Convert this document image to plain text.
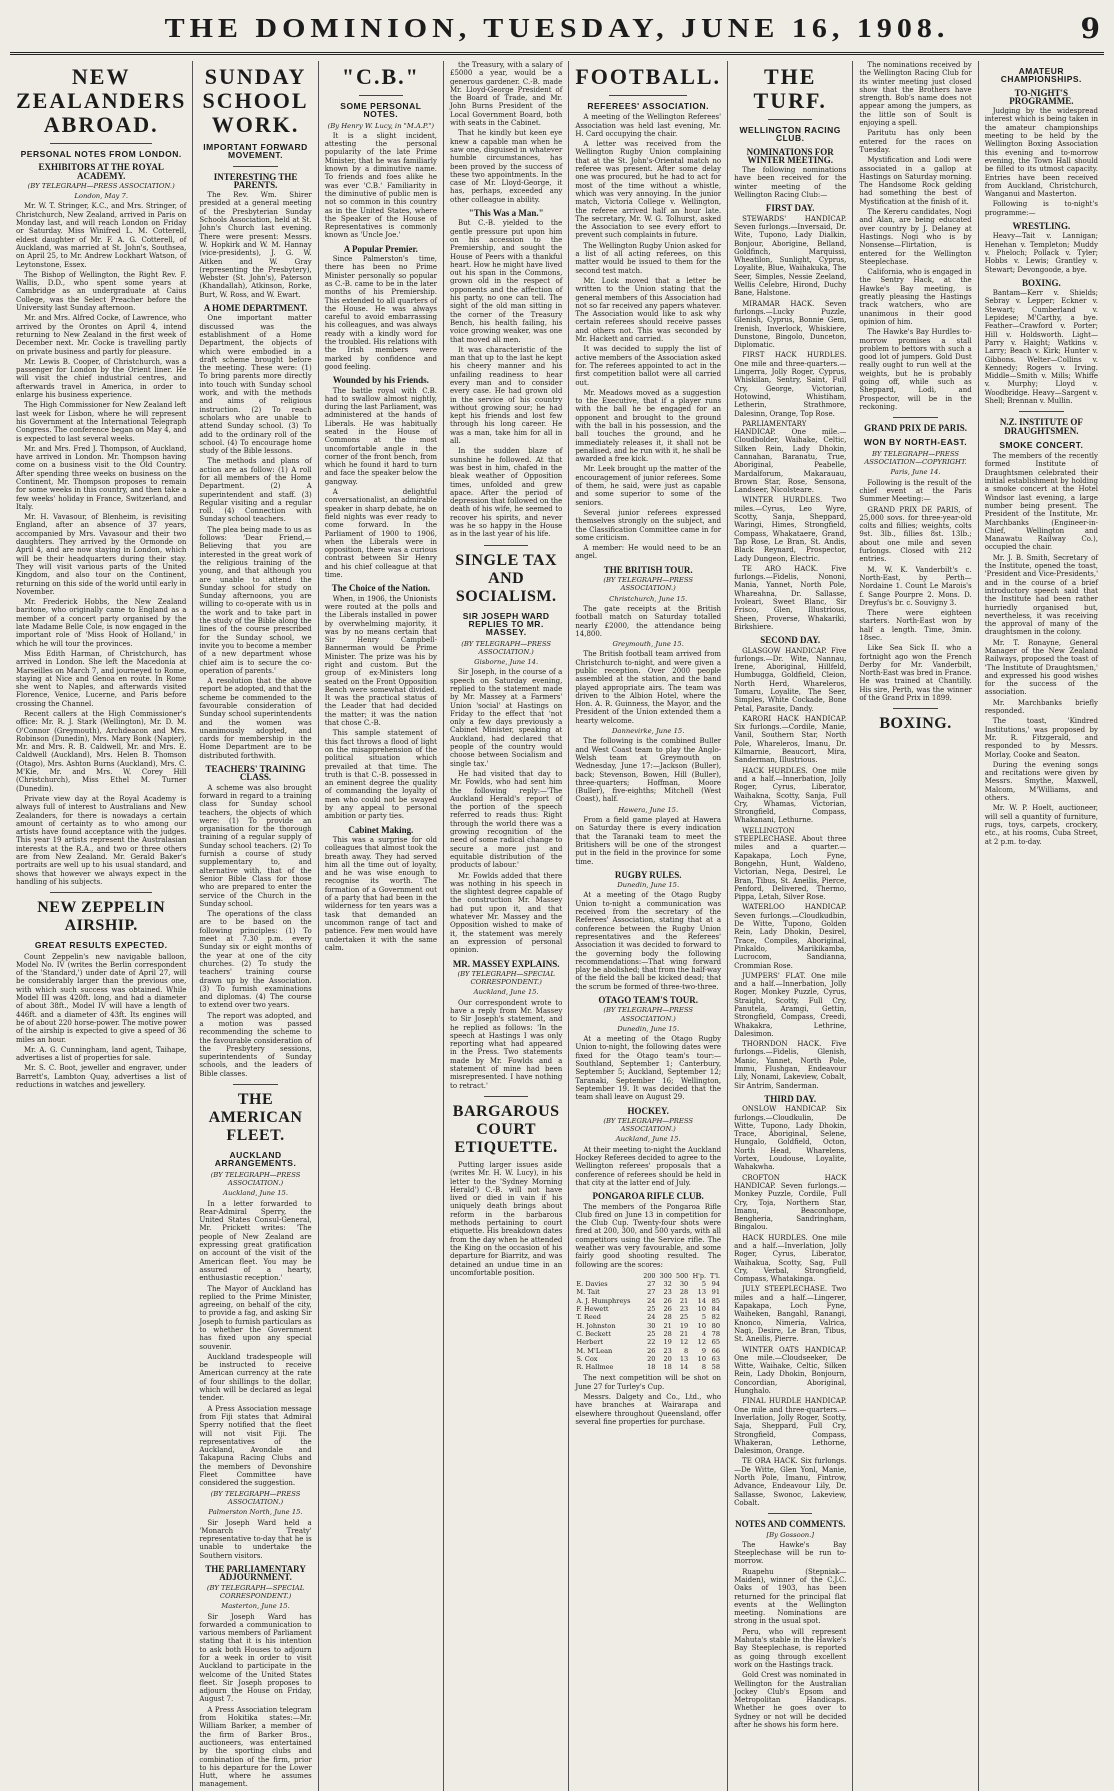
THE DOMINION, TUESDAY, JUNE 16, 1908.	9
NEW ZEALANDERS ABROAD.
PERSONAL NOTES FROM LONDON.
EXHIBITORS AT THE ROYAL ACADEMY.
(BY TELEGRAPH—PRESS ASSOCIATION.)
London, May 7.

Mr. W. T. Stringer, K.C., and Mrs. Stringer, of Christchurch, New Zealand, arrived in Paris on Monday last, and will reach London on Friday or Saturday. Miss Winifred L. M. Cotterell, eldest daughter of Mr. F. A. G. Cotterell, of Auckland, was married at St. John's, Southsea, on April 25, to Mr. Andrew Lockhart Watson, of Leytonstone, Essex.

The Bishop of Wellington, the Right Rev. F. Wallis, D.D., who spent some years at Cambridge as an undergraduate at Caius College, was the Select Preacher before the University last Sunday afternoon.

Mr. and Mrs. Alfred Cocke, of Lawrence, who arrived by the Orontes on April 4, intend returning to New Zealand in the first week of December next. Mr. Cocke is travelling partly on private business and partly for pleasure.

Mr. Lewis B. Cooper, of Christchurch, was a passenger for London by the Orient liner. He will visit the chief industrial centres, and afterwards travel in America, in order to enlarge his business experience.

The High Commissioner for New Zealand left last week for Lisbon, where he will represent his Government at the International Telegraph Congress. The conference began on May 4, and is expected to last several weeks.

Mr. and Mrs. Fred J. Thompson, of Auckland, have arrived in London. Mr. Thompson having come on a business visit to the Old Country. After spending three weeks on business on the Continent, Mr. Thompson proposes to remain for some weeks in this country, and then take a few weeks' holiday in France, Switzerland, and Italy.

Mr. H. Vavasour, of Blenheim, is revisiting England, after an absence of 37 years, accompanied by Mrs. Vavasour and their two daughters. They arrived by the Ormonde on April 4, and are now staying in London, which will be their headquarters during their stay. They will visit various parts of the United Kingdom, and also tour on the Continent, returning on this side of the world until early in November.

Mr. Frederick Hobbs, the New Zealand baritone, who originally came to England as a member of a concert party organised by the late Madame Belle Cole, is now engaged in the important role of 'Miss Hook of Holland,' in which he will tour the provinces.

Miss Edith Harman, of Christchurch, has arrived in London. She left the Macedonia at Marseilles on March 7, and journeyed to Rome, staying at Nice and Genoa en route. In Rome she went to Naples, and afterwards visited Florence, Venice, Lucerne, and Paris before crossing the Channel.

Recent callers at the High Commissioner's office: Mr. R. J. Stark (Wellington), Mr. D. M. O'Connor (Greymouth), Archdeacon and Mrs. Robinson (Dunedin), Mrs. Mary Bonk (Napier), Mr. and Mrs. R. B. Caldwell, Mr. and Mrs. E. Caldwell (Auckland), Mrs. Helen B. Thomson (Otago), Mrs. Ashton Burns (Auckland), Mrs. C. M'Kie, Mr. and Mrs. W. Corey Hill (Christchurch), Miss Ethel M. Turner (Dunedin).

Private view day at the Royal Academy is always full of interest to Australians and New Zealanders, for there is nowadays a certain amount of certainty as to who among our artists have found acceptance with the judges. This year 19 artists represent the Australasian interests at the R.A., and two or three others are from New Zealand. Mr. Gerald Baker's portraits are well up to his usual standard, and shows that however we always expect in the handling of his subjects.

NEW ZEPPELIN AIRSHIP.
GREAT RESULTS EXPECTED.

Count Zeppelin's new navigable balloon, Model No. IV (writes the Berlin correspondent of the 'Standard,') under date of April 27, will be considerably larger than the previous one, with which such success was obtained. While Model III was 420ft. long, and had a diameter of about 38ft., Model IV will have a length of 446ft. and a diameter of 43ft. Its engines will be of about 220 horse-power. The motive power of the airship is expected to give a speed of 36 miles an hour.

Mr. A. G. Cunningham, land agent, Taihape, advertises a list of properties for sale.

Mr. S. C. Boot, jeweller and engraver, under Barrett's, Lambton Quay, advertises a list of reductions in watches and jewellery.

SUNDAY SCHOOL WORK.
IMPORTANT FORWARD MOVEMENT.
INTERESTING THE PARENTS.

The Rev. Wm. Shirer presided at a general meeting of the Presbyterian Sunday Schools Association, held at St. John's Church last evening. There were present: Messrs. W. Hopkirk and W. M. Hannay (vice-presidents), J. G. W. Aitken and W. Gray (representing the Presbytery), Webster (St. John's), Paterson (Khandallah), Atkinson, Rorke, Burt, W. Ross, and W. Ewart.

A HOME DEPARTMENT.

One important matter discussed was the establishment of a Home Department, the objects of which were embodied in a draft scheme brought before the meeting. These were: (1) To bring parents more directly into touch with Sunday school work, and with the methods and aims of religious instruction. (2) To reach scholars who are unable to attend Sunday school. (3) To add to the ordinary roll of the school. (4) To encourage home study of the Bible lessons.

The methods and plans of action are as follow: (1) A roll for all members of the Home Department. (2) A superintendent and staff. (3) Regular visiting and a regular roll. (4) Connection with Sunday school teachers.

The plea being made to us as follows: 'Dear Friend,—Believing that you are interested in the great work of the religious training of the young, and that although you are unable to attend the Sunday school for study on Sunday afternoons, you are willing to co-operate with us in the work and to take part in the study of the Bible along the lines of the course prescribed for the Sunday school, we invite you to become a member of a new department whose chief aim is to secure the co-operation of parents.'

A resolution that the above report be adopted, and that the scheme be commended to the favourable consideration of Sunday school superintendents and the women was unanimously adopted, and cards for membership in the Home Department are to be distributed forthwith.

TEACHERS' TRAINING CLASS.

A scheme was also brought forward in regard to a training class for Sunday school teachers, the objects of which were: (1) To provide an organisation for the thorough training of a regular supply of Sunday school teachers. (2) To furnish a course of study supplementary to, and alternative with, that of the Senior Bible Class for those who are prepared to enter the service of the Church in the Sunday school.

The operations of the class are to be based on the following principles: (1) To meet at 7.30 p.m. every Sunday six or eight months of the year at one of the city churches. (2) To study the teachers' training course drawn up by the Association. (3) To furnish examinations and diplomas. (4) The course to extend over two years.

The report was adopted, and a motion was passed recommending the scheme to the favourable consideration of the Presbytery sessions, superintendents of Sunday schools, and the leaders of Bible classes.

THE AMERICAN FLEET.
AUCKLAND ARRANGEMENTS.
(BY TELEGRAPH—PRESS ASSOCIATION.)
Auckland, June 15.

In a letter forwarded to Rear-Admiral Sperry, the United States Consul-General, Mr. Prickett writes: 'The people of New Zealand are expressing great gratification on account of the visit of the American fleet. You may be assured of a hearty, enthusiastic reception.'

The Mayor of Auckland has replied to the Prime Minister, agreeing, on behalf of the city, to provide a fag, and asking Sir Joseph to furnish particulars as to whether the Government has fixed upon any special souvenir.

Auckland tradespeople will be instructed to receive American currency at the rate of four shillings to the dollar, which will be declared as legal tender.

A Press Association message from Fiji states that Admiral Sperry notified that the fleet will not visit Fiji. The representatives of the Auckland, Avondale and Takapuna Racing Clubs and the members of Devonshire Fleet Committee have considered the suggestion.

(BY TELEGRAPH—PRESS ASSOCIATION.)
Palmerston North, June 15.

Sir Joseph Ward held a 'Monarch Treaty' representative to-day that he is unable to undertake the Southern visitors.

THE PARLIAMENTARY ADJOURNMENT.
(BY TELEGRAPH—SPECIAL CORRESPONDENT.)
Masterton, June 15.

Sir Joseph Ward has forwarded a communication to various members of Parliament stating that it is his intention to ask both Houses to adjourn for a week in order to visit Auckland to participate in the welcome of the United States fleet. Sir Joseph proposes to adjourn the House on Friday, August 7.

A Press Association telegram from Hokitika states:—Mr. William Barker, a member of the firm of Barker Bros., auctioneers, was entertained by the sporting clubs and combination of the firm, prior to his departure for the Lower Hutt, where he assumes management.

"C.B."
SOME PERSONAL NOTES.
(By Henry W. Lucy, in "M.A.P.")

It is a slight incident, attesting the personal popularity of the late Prime Minister, that he was familiarly known by a diminutive name. To friends and foes alike he was ever 'C.B.' Familiarity in the diminutive of public men is not so common in this country as in the United States, where the Speaker of the House of Representatives is commonly known as 'Uncle Joe.'

A Popular Premier.

Since Palmerston's time, there has been no Prime Minister personally so popular as C.-B. came to be in the later months of his Premiership. This extended to all quarters of the House. He was always careful to avoid embarrassing his colleagues, and was always ready with a kindly word for the troubled. His relations with the Irish members were marked by confidence and good feeling.

Wounded by his Friends.

The battle royal with C.B. had to swallow almost nightly, during the last Parliament, was administered at the hands of Liberals. He was habitually seated in the House of Commons at the most uncomfortable angle in the corner of the front bench, from which he found it hard to turn and face the speaker below the gangway.

A delightful conversationalist, an admirable speaker in sharp debate, he on field nights was ever ready to come forward. In the Parliament of 1900 to 1906, when the Liberals were in opposition, there was a curious contrast between Sir Henry and his chief colleague at that time.

The Choice of the Nation.

When, in 1906, the Unionists were routed at the polls and the Liberals installed in power by overwhelming majority, it was by no means certain that Sir Henry Campbell-Bannerman would be Prime Minister. The prize was his by right and custom. But the group of ex-Ministers long seated on the Front Opposition Bench were somewhat divided. It was the practical status of the Leader that had decided the matter; it was the nation that chose C.-B.

This sample statement of this fact throws a flood of light on the misapprehension of the political situation which prevailed at that time. The truth is that C.-B. possessed in an eminent degree the quality of commanding the loyalty of men who could not be swayed by any appeal to personal ambition or party ties.

Cabinet Making.

This was a surprise for old colleagues that almost took the breath away. They had served him all the time out of loyalty, and he was wise enough to recognise its worth. The formation of a Government out of a party that had been in the wilderness for ten years was a task that demanded an uncommon range of tact and patience. Few men would have undertaken it with the same calm.

the Treasury, with a salary of £5000 a year, would be a generous gardener. C.-B. made Mr. Lloyd-George President of the Board of Trade, and Mr. John Burns President of the Local Government Board, both with seats in the Cabinet.

That he kindly but keen eye knew a capable man when he saw one, disguised in whatever humble circumstances, has been proved by the success of these two appointments. In the case of Mr. Lloyd-George, it has, perhaps, exceeded any other colleague in ability.

"This Was a Man."

But C.-B. yielded to the gentle pressure put upon him on his accession to the Premiership, and sought the House of Peers with a thankful heart. How he might have lived out his span in the Commons, grown old in the respect of opponents and the affection of his party, no one can tell. The sight of the old man sitting in the corner of the Treasury Bench, his health failing, his voice growing weaker, was one that moved all men.

It was characteristic of the man that up to the last he kept his cheery manner and his unfailing readiness to hear every man and to consider every case. He had grown old in the service of his country without growing sour; he had kept his friends and lost few through his long career. He was a man, take him for all in all.

In the sudden blaze of sunshine he followed. At that was best in him, chafed in the bleak weather of Opposition times, unfolded and grew apace. After the period of depression that followed on the death of his wife, he seemed to recover his spirits, and never was he so happy in the House as in the last year of his life.

SINGLE TAX AND SOCIALISM.
SIR JOSEPH WARD REPLIES TO MR. MASSEY.
(BY TELEGRAPH—PRESS ASSOCIATION.)
Gisborne, June 14.

Sir Joseph, in the course of a speech on Saturday evening, replied to the statement made by Mr. Massey at a Farmers' Union 'social' at Hastings on Friday to the effect that 'not only a few days previously a Cabinet Minister, speaking at Auckland, had declared that people of the country would choose between Socialism and single tax.'

He had visited that day to Mr. Fowlds, who had sent him the following reply:—'The Auckland Herald's report of the portion of the speech referred to reads thus: Right through the world there was a growing recognition of the need of some radical change to secure a more just and equitable distribution of the products of labour.'

Mr. Fowlds added that there was nothing in his speech in the slightest degree capable of the construction Mr. Massey had put upon it, and that whatever Mr. Massey and the Opposition wished to make of it, the statement was merely an expression of personal opinion.

MR. MASSEY EXPLAINS.
(BY TELEGRAPH—SPECIAL CORRESPONDENT.)
Auckland, June 15.

Our correspondent wrote to have a reply from Mr. Massey to Sir Joseph's statement, and he replied as follows: 'In the speech at Hastings I was only reporting what had appeared in the Press. Two statements made by Mr. Fowlds and a statement of mine had been misrepresented. I have nothing to retract.'

BARGAROUS COURT ETIQUETTE.

Putting larger issues aside (writes Mr. H. W. Lucy), in his letter to the 'Sydney Morning Herald') C.-B. will not have lived or died in vain if his uniquely death brings about reform in the barbarous methods pertaining to court etiquette. His breakdown dates from the day when he attended the King on the occasion of his departure for Biarritz, and was detained an undue time in an uncomfortable position.

FOOTBALL.
REFEREES' ASSOCIATION.

A meeting of the Wellington Referees' Association was held last evening, Mr. H. Card occupying the chair.

A letter was received from the Wellington Rugby Union complaining that at the St. John's-Oriental match no referee was present. After some delay one was procured, but he had to act for most of the time without a whistle, which was very annoying. In the junior match, Victoria College v. Wellington, the referee arrived half an hour late. The secretary, Mr. W. G. Tolhurst, asked the Association to see every effort to prevent such complaints in future.

The Wellington Rugby Union asked for a list of all acting referees, on this matter would be issued to them for the second test match.

Mr. Lock moved that a letter be written to the Union stating that the general members of this Association had not so far received any papers whatever. The Association would like to ask why certain referees should receive passes and others not. This was seconded by Mr. Hackett and carried.

It was decided to supply the list of active members of the Association asked for. The referees appointed to act in the first competition ballot were all carried out.

Mr. Meadows moved as a suggestion to the Executive, that if a player runs with the ball he be engaged for an opponent and brought to the ground with the ball in his possession, and the ball touches the ground, and he immediately releases it, it shall not be penalised, and he run with it, he shall be awarded a free kick.

Mr. Leek brought up the matter of the encouragement of junior referees. Some of them, he said, were just as capable and some superior to some of the seniors.

Several junior referees expressed themselves strongly on the subject, and the Classification Committee came in for some criticism.

A member: He would need to be an angel.

THE BRITISH TOUR.
(BY TELEGRAPH—PRESS ASSOCIATION.)
Christchurch, June 15.

The gate receipts at the British football match on Saturday totalled nearly £2000, the attendance being 14,800.

Greymouth, June 15.

The British football team arrived from Christchurch to-night, and were given a public reception. Over 2000 people assembled at the station, and the band played appropriate airs. The team was driven to the Albion Hotel, where the Hon. A. R. Guinness, the Mayor, and the President of the Union extended them a hearty welcome.

Dannevirke, June 15.

The following is the combined Buller and West Coast team to play the Anglo-Welsh team at Greymouth on Wednesday, June 17:—Jackson (Buller), back; Stevenson, Bowen, Hill (Buller), three-quarters; Hoffman, Moore (Buller), five-eighths; Mitchell (West Coast), half.

Hawera, June 15.

From a field game played at Hawera on Saturday there is every indication that the Taranaki team to meet the Britishers will be one of the strongest put in the field in the province for some time.

RUGBY RULES.
Dunedin, June 15.

At a meeting of the Otago Rugby Union to-night a communication was received from the secretary of the Referees' Association, stating that at a conference between the Rugby Union representatives and the Referees' Association it was decided to forward to the governing body the following recommendations:—That wing forward play be abolished; that from the half-way of the field the ball be kicked dead; that the scrum be formed of three-two-three.

OTAGO TEAM'S TOUR.
(BY TELEGRAPH—PRESS ASSOCIATION.)
Dunedin, June 15.

At a meeting of the Otago Rugby Union to-night, the following dates were fixed for the Otago team's tour:—Southland, September 1; Canterbury, September 5; Auckland, September 12; Taranaki, September 16; Wellington, September 19. It was decided that the team shall leave on August 29.

HOCKEY.
(BY TELEGRAPH—PRESS ASSOCIATION.)
Auckland, June 15.

At their meeting to-night the Auckland Hockey Referees decided to agree to the Wellington referees' proposals that a conference of referees should be held in that city at the latter end of July.

PONGAROA RIFLE CLUB.

The members of the Pongaroa Rifle Club fired on June 13 in competition for the Club Cup. Twenty-four shots were fired at 200, 300, and 500 yards, with all competitors using the Service rifle. The weather was very favourable, and some fairly good shooting resulted. The following are the scores:

	200	300	500	H'p.	T'l.
E. Davies	27	32	30	5	94
M. Tait	27	23	28	13	91
A. J. Humphreys	24	26	21	14	85
F. Hewett	25	26	23	10	84
T. Reed	24	28	25	5	82
H. Johnston	30	21	19	10	80
C. Beckett	25	28	21	4	78
Herbert	22	19	12	12	65
M. M'Lean	26	23	8	9	66
S. Cox	20	20	13	10	63
R. Hallmee	18	18	14	8	58

The next competition will be shot on June 27 for Turley's Cup.

Messrs. Dalgety and Co., Ltd., who have branches at Wairarapa and elsewhere throughout Queensland, offer several fine properties for purchase.

THE TURF.
WELLINGTON RACING CLUB.
NOMINATIONS FOR WINTER MEETING.

The following nominations have been received for the winter meeting of the Wellington Racing Club:—

FIRST DAY.

STEWARDS' HANDICAP. Seven furlongs.—Inversaid, Dr. Wite, Tupono, Lady Dialkin, Bonjour, Aborigine, Belland, Goldfinch, Marquissi, Wheatilon, Sunlight, Cyprus, Loyalite, Blue, Waihakuka, The Seer, Simples, Nessie Zeeland, Wellis Celebre, Hirond, Duchy Bane, Halstone.

MIRAMAR HACK. Seven furlongs.—Lucky Puzzle, Glenish, Cyprus, Bonnie Gem, Irenish, Inverlock, Whiskiere, Dunstone, Bingolo, Dunceton, Diplomatic.

FIRST HACK HURDLES. One mile and three-quarters.—Lingerra, Jolly Roger, Cyprus, Whiskilan, Sentry, Saint, Full Cry, George, Victorian, Hotowind, Whistiham, Letherin, Strathmore, Dalesinn, Orange, Top Rose.

PARLIAMENTARY HANDICAP. One mile.—Cloudbolder, Waihake, Celtic, Silken Rein, Lady Dhokin, Cannahan, Baranatu, True, Aboriginal, Peabelle, Mardalforum, Makarauau, Brown Star, Rose, Sensona, Landseer, Nicolsteare.

WINTER HURDLES. Two miles.—Cyrus, Leo Wyre, Scotty, Sanja, Sheppard, Waringi, Himes, Strongfield, Compass, Whakataere, Grand, Tap Rose, Le Bran, St. Andis, Black Reynard, Prospector, Lady Dungeon, Electric.

TE ARO HACK. Five furlongs.—Fidelis, Nononi, Mania, Yannet, North Pole, Whareahna, Dr. Sallasse, Ivoleari, Sweet Blanc, Sir Frisco, Glen, Illustrious, Sheen, Proverse, Whakariki, Birkshiere.

SECOND DAY.

GLASGOW HANDICAP. Five furlongs.—Dr. Wite, Nannau, Irene, Aboriginal, Hillfeld, Humbugga, Goldfield, Cleion, North Herd, Whareleros, Tomaru, Loyalite, The Seer, Simples, White Cockade, Bone Petal, Parasite, Dandy.

KARORI HACK HANDICAP. Six furlongs.—Cordile, Manie, Vanil, Southern Star, North Pole, Whareleros, Imanu, Dr. Kilmarnie, Beaucort, Mira, Sanderman, Illustrious.

HACK HURDLES. One mile and a half.—Innerbation, Jolly Roger, Cyrus, Liberator, Waihakna, Scotty, Sanja, Full Cry, Whamas, Victorian, Strongfield, Compass, Whakanani, Lethurne.

WELLINGTON STEEPLECHASE. About three miles and a quarter.—Kapakapa, Loch Fyne, Bongehn, Hunt, Waldeno, Victorian, Nega, Desirel, Le Bran, Tibus, St. Aneilis, Pierce, Penford, Delivered, Thermo, Pippa, Letah, Silver Rose.

WATERLOO HANDICAP. Seven furlongs.—Cloudkudbin, De Witte, Tupono, Golden Rein, Lady Dhokin, Desirel, Trace, Compiles, Aboriginal, Pinkaldo, Marikikamba, Lucrocom, Sandianna, Crommian Rose.

JUMPERS' FLAT. One mile and a half.—Innerbation, Jolly Roger, Monkey Puzzle, Cyrus, Straight, Scotty, Full Cry, Panutela, Aramgi, Gettin, Strongfield, Compass, Creedi, Whakakra, Lethrine, Dalesimon.

THORNDON HACK. Five furlongs.—Fidelis, Glenish, Manic, Yannet, North Pole, Immu, Flushgan, Endeavour Lily, Nonami, Lakeview, Cobalt, Sir Antrim, Sanderman.

THIRD DAY.

ONSLOW HANDICAP. Six furlongs.—Cloudkulin, De Witte, Tupono, Lady Dhokin, Trace, Aboriginal, Selene, Hungalo, Goldfield, Octon, North Head, Wharelens, Vortex, Loudouse, Loyalite, Wahakwha.

CROFTON HACK HANDICAP. Seven furlongs.—Monkey Puzzle, Cordile, Full Cry, Toja, Northern Star, Imanu, Beaconhope, Bengheria, Sandringham, Bingalou.

HACK HURDLES. One mile and a half.—Inverlation, Jolly Roger, Cyrus, Liberator, Waihakua, Scotty, Sag, Full Cry, Verbal, Strongfield, Compass, Whatakinga.

JULY STEEPLECHASE. Two miles and a half.—Lingerer, Kapakapa, Loch Fyne, Waiheken, Bangahl, Ranangi, Knonco, Nimeria, Valrica, Nagi, Desire, Le Bran, Tibus, St. Aneilis, Pierre.

WINTER OATS HANDICAP. One mile.—Cloudseeker, De Witte, Waihake, Celtic, Silken Rein, Lady Dhokin, Bonjourn, Concordian, Aboriginal, Hunghalo.

FINAL HURDLE HANDICAP. One mile and three-quarters.—Inverlation, Jolly Roger, Scotty, Saja, Sheppard, Full Cry, Strongfield, Compass, Whakeran, Lethorne, Dalesimon, Orange.

TE ORA HACK. Six furlongs.—De Witte, Glen Yonl, Manie, North Pole, Imanu, Fintrow, Advance, Endeavour Lily, Dr. Sallasse, Swonoc, Lakeview, Cobalt.

NOTES AND COMMENTS.
[By Gossoon.]

The Hawke's Bay Steeplechase will be run to-morrow.

Ruapehu (Stepniak—Maiden), winner of the C.J.C. Oaks of 1903, has been returned for the principal flat events at the Wellington meeting. Nominations are strong in the usual spot.

Peru, who will represent Mahuta's stable in the Hawke's Bay Steeplechase, is reported as going through excellent work on the Hastings track.

Gold Crest was nominated in Wellington for the Australian Jockey Club's Epsom and Metropolitan Handicaps. Whether he goes over to Sydney or not will be decided after he shows his form here.

The nominations received by the Wellington Racing Club for its winter meeting just closed show that the Brothers have strength. Bob's name does not appear among the jumpers, as the little son of Soult is enjoying a spell.

Paritutu has only been entered for the races on Tuesday.

Mystification and Lodi were associated in a gallop at Hastings on Saturday morning. The Handsome Rock gelding had something the best of Mystification at the finish of it.

The Kereru candidates, Nogi and Alan, are being educated over country by J. Delaney at Hastings. Nogi who is by Nonsense—Flirtation, is entered for the Wellington Steeplechase.

California, who is engaged in the Sentry Hack, at the Hawke's Bay meeting, is greatly pleasing the Hastings track watchers, who are unanimous in their good opinion of him.

The Hawke's Bay Hurdles to-morrow promises a stall problem to bettors with such a good lot of jumpers. Gold Dust really ought to run well at the weights, but he is probably going off, while such as Sheppard, Lodi, and Prospector, will be in the reckoning.

GRAND PRIX DE PARIS.
WON BY NORTH-EAST.
BY TELEGRAPH—PRESS ASSOCIATION—COPYRIGHT.
Paris, June 14.

Following is the result of the chief event at the Paris Summer Meeting:—

GRAND PRIX DE PARIS, of 25,000 sovs. for three-year-old colts and fillies; weights, colts 9st. 3lb., fillies 8st. 13lb.; about one mile and seven furlongs. Closed with 212 entries.

M. W. K. Vanderbilt's c. North-East, by Perth—Nordaine 1. Count Le Marois's f. Sange Pourpre 2. Mons. D. Dreyfus's br. c. Souvigny 3.

There were eighteen starters. North-East won by half a length. Time, 3min. 18sec.

Like Sea Sick II. who a fortnight ago won the French Derby for Mr. Vanderbilt, North-East was bred in France. He was trained at Chantilly. His sire, Perth, was the winner of the Grand Prix in 1899.

BOXING.
AMATEUR CHAMPIONSHIPS.
TO-NIGHT'S PROGRAMME.

Judging by the widespread interest which is being taken in the amateur championships meeting to be held by the Wellington Boxing Association this evening and to-morrow evening, the Town Hall should be filled to its utmost capacity. Entries have been received from Auckland, Christchurch, Wanganui and Masterton.

Following is to-night's programme:—

WRESTLING.

Heavy—Tait v. Lannigan; Henehan v. Templeton; Muddy v. Pheloch; Pollack v. Tyler; Hobbs v. Lewis; Grantley v. Stewart; Devongoode, a bye.

BOXING.

Bantam—Kerr v. Shields; Sebray v. Lepper; Eckner v. Stewart; Cumberland v. Lepidese; M'Carthy, a bye. Feather—Crawford v. Porter; Hill v. Holdsworth. Light—Parry v. Haight; Watkins v. Larry; Beach v. Kirk; Hunter v. Gibbons. Welter—Collins v. Kennedy; Rogers v. Irving. Middle—Smith v. Mills; Whiffe v. Murphy; Lloyd v. Woodbridge. Heavy—Sargent v. Shell; Brennan v. Mullin.

N.Z. INSTITUTE OF DRAUGHTSMEN.
SMOKE CONCERT.

The members of the recently formed Institute of Draughtsmen celebrated their initial establishment by holding a smoke concert at the Hotel Windsor last evening, a large number being present. The President of the Institute, Mr. Marchbanks (Engineer-in-Chief, Wellington and Manawatu Railway Co.), occupied the chair.

Mr. J. B. Smith, Secretary of the Institute, opened the toast, 'President and Vice-Presidents,' and in the course of a brief introductory speech said that the Institute had been rather hurriedly organised but, nevertheless, it was receiving the approval of many of the draughtsmen in the colony.

Mr. T. Ronayne, General Manager of the New Zealand Railways, proposed the toast of 'The Institute of Draughtsmen,' and expressed his good wishes for the success of the association.

Mr. Marchbanks briefly responded.

The toast, 'Kindred Institutions,' was proposed by Mr. R. Fitzgerald, and responded to by Messrs. Morlay, Cooke and Seaton.

During the evening songs and recitations were given by Messrs. Smythe, Maxwell, Malcom, M'Williams, and others.

Mr. W. P. Hoelt, auctioneer, will sell a quantity of furniture, rugs, toys, carpets, crockery, etc., at his rooms, Cuba Street, at 2 p.m. to-day.
